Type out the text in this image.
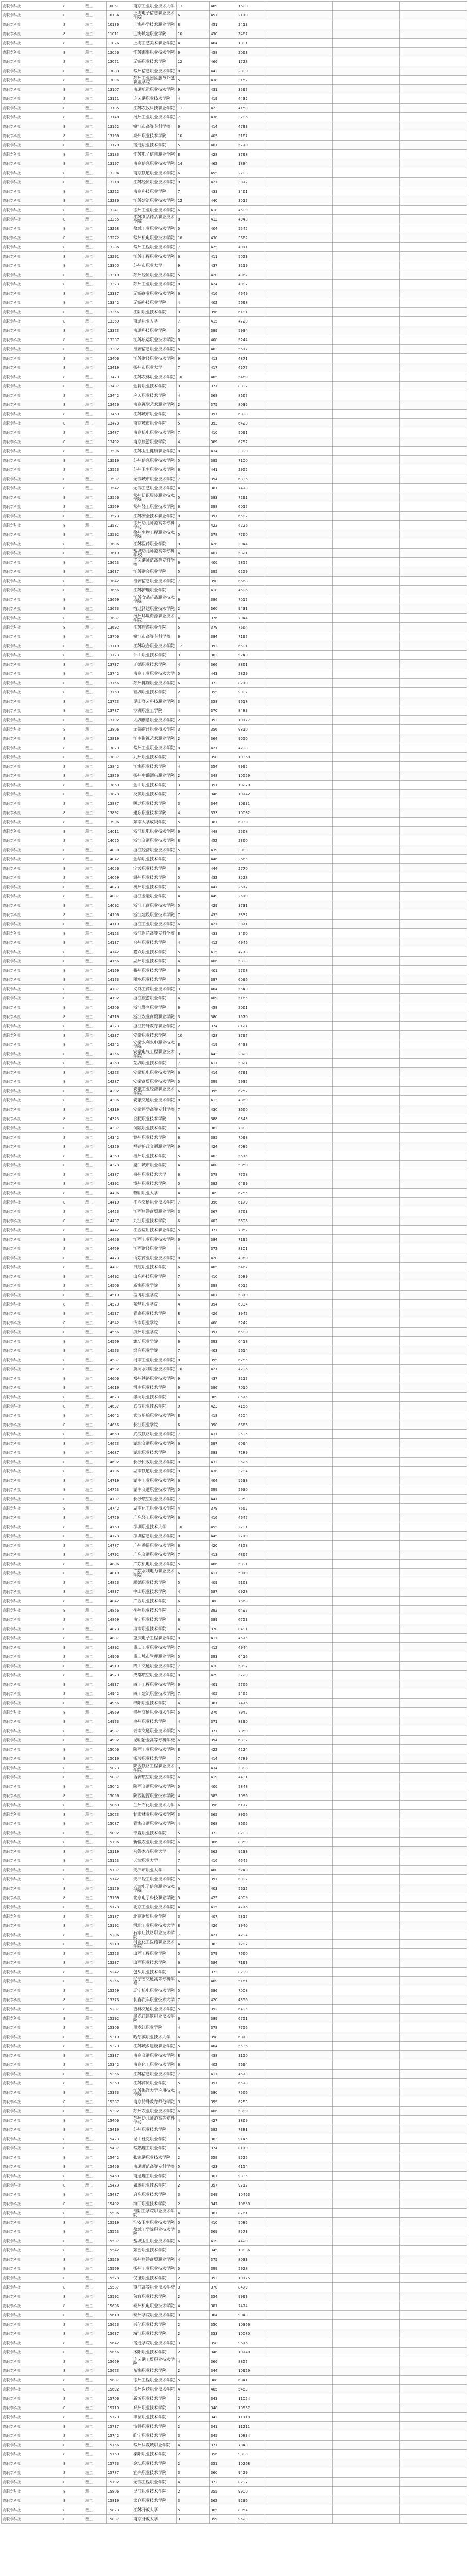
高职专科批	8	理工	10061	南京工业职业技术大学	13	469	1600			
高职专科批	8	理工	10134	上海电子信息职业技术学院	6	457	2110			
高职专科批	8	理工	10136	上海科学技术职业学院	8	451	2413			
高职专科批	8	理工	11011	上海城建职业学院	10	450	2467			
高职专科批	8	理工	11026	上海工艺美术职业学院	4	464	1801			
高职专科批	8	理工	13056	江苏海事职业技术学院	6	458	2063			
高职专科批	8	理工	13071	无锡职业技术学院	12	466	1728			
高职专科批	8	理工	13083	常州信息职业技术学院	8	442	2890			
高职专科批	8	理工	13096	苏州工业园区服务外包职业学院	5	438	3152			
高职专科批	8	理工	13107	南通航运职业技术学院	9	431	3597			
高职专科批	8	理工	13121	连云港职业技术学院	4	419	4435			
高职专科批	8	理工	13135	江苏农牧科技职业学院	11	423	4158			
高职专科批	8	理工	13148	扬州工业职业技术学院	7	436	3286			
高职专科批	8	理工	13152	镇江市高等专科学校	6	414	4793			
高职专科批	8	理工	13166	泰州职业技术学院	10	409	5167			
高职专科批	8	理工	13179	宿迁职业技术学院	5	401	5770			
高职专科批	8	理工	13183	江苏电子信息职业学院	8	428	3798			
高职专科批	8	理工	13197	南京信息职业技术学院	14	462	1884			
高职专科批	8	理工	13204	南京铁道职业技术学院	6	455	2203			
高职专科批	8	理工	13218	江苏经贸职业技术学院	9	427	3872			
高职专科批	8	理工	13222	南京科技职业学院	7	433	3461			
高职专科批	8	理工	13236	江苏建筑职业技术学院	12	440	3017			
高职专科批	8	理工	13241	徐州工业职业技术学院	6	418	4509			
高职专科批	8	理工	13255	江苏食品药品职业技术学院	8	412	4948			
高职专科批	8	理工	13268	盐城工业职业技术学院	5	404	5542			
高职专科批	8	理工	13272	常州机电职业技术学院	10	430	3662			
高职专科批	8	理工	13286	常州工程职业技术学院	7	425	4011			
高职专科批	8	理工	13291	江苏工程职业技术学院	6	411	5023			
高职专科批	8	理工	13305	苏州市职业大学	9	437	3219			
高职专科批	8	理工	13319	苏州经贸职业技术学院	5	420	4362			
高职专科批	8	理工	13323	苏州工业职业技术学院	8	424	4087			
高职专科批	8	理工	13337	无锡商业职业技术学院	6	416	4649			
高职专科批	8	理工	13342	无锡科技职业学院	4	402	5698			
高职专科批	8	理工	13356	江阴职业技术学院	3	396	6181			
高职专科批	8	理工	13369	南通职业大学	7	415	4720			
高职专科批	8	理工	13373	南通科技职业学院	5	399	5934			
高职专科批	8	理工	13387	江苏航运职业技术学院	8	408	5244			
高职专科批	8	理工	13392	淮安信息职业技术学院	6	403	5617			
高职专科批	8	理工	13406	江苏财经职业技术学院	9	413	4871			
高职专科批	8	理工	13419	扬州市职业大学	7	417	4577			
高职专科批	8	理工	13423	江苏农林职业技术学院	10	405	5469			
高职专科批	8	理工	13437	金肯职业技术学院	3	371	8392			
高职专科批	8	理工	13442	应天职业技术学院	4	368	8667			
高职专科批	8	理工	13456	南京视觉艺术职业学院	2	375	8035			
高职专科批	8	理工	13469	江苏城市职业学院	6	397	6098			
高职专科批	8	理工	13473	南京城市职业学院	5	393	6420			
高职专科批	8	理工	13487	南京机电职业技术学院	7	410	5091			
高职专科批	8	理工	13492	南京旅游职业学院	4	389	6757			
高职专科批	8	理工	13506	江苏卫生健康职业学院	8	434	3390			
高职专科批	8	理工	13519	苏州信息职业技术学院	5	385	7100			
高职专科批	8	理工	13523	苏州卫生职业技术学院	6	441	2955			
高职专科批	8	理工	13537	无锡城市职业技术学院	7	394	6336			
高职专科批	8	理工	13542	无锡工艺职业技术学院	4	381	7478			
高职专科批	8	理工	13556	常州纺织服装职业技术学院	5	383	7291			
高职专科批	8	理工	13569	常州轻工职业技术学院	6	398	6017			
高职专科批	8	理工	13573	江苏安全技术职业学院	8	391	6582			
高职专科批	8	理工	13587	徐州幼儿师范高等专科学校	3	422	4226			
高职专科批	8	理工	13592	徐州生物工程职业技术学院	5	378	7760			
高职专科批	8	理工	13606	江苏医药职业学院	9	426	3944			
高职专科批	8	理工	13619	盐城幼儿师范高等专科学校	4	407	5321			
高职专科批	8	理工	13623	连云港师范高等专科学校	6	400	5852			
高职专科批	8	理工	13637	江苏财会职业学院	5	395	6259			
高职专科批	8	理工	13642	淮安信息职业技术学院	7	390	6668			
高职专科批	8	理工	13656	江苏护理职业学院	8	418	4506			
高职专科批	8	理工	13669	江苏食品药品职业技术学院	6	386	7012			
高职专科批	8	理工	13673	宿迁泽达职业技术学院	2	360	9431			
高职专科批	8	理工	13687	扬州环境资源职业技术学院	4	376	7944			
高职专科批	8	理工	13692	江苏旅游职业学院	5	379	7664			
高职专科批	8	理工	13706	镇江市高等专科学校	6	384	7197			
高职专科批	8	理工	13719	江苏联合职业技术学院	12	392	6501			
高职专科批	8	理工	13723	钟山职业技术学院	3	362	9240			
高职专科批	8	理工	13737	正德职业技术学院	4	366	8861			
高职专科批	8	理工	13742	南京工业职业技术大学	5	443	2829			
高职专科批	8	理工	13756	苏州健雄职业技术学院	6	373	8210			
高职专科批	8	理工	13769	硅湖职业技术学院	2	355	9902			
高职专科批	8	理工	13773	昆山登云科技职业学院	3	358	9618			
高职专科批	8	理工	13787	沙洲职业工学院	4	370	8483			
高职专科批	8	理工	13792	太湖创意职业技术学院	2	352	10177			
高职专科批	8	理工	13806	无锡南洋职业技术学院	3	356	9810			
高职专科批	8	理工	13819	江南影视艺术职业学院	2	364	9050			
高职专科批	8	理工	13823	常州工业职业技术学院	8	421	4298			
高职专科批	8	理工	13837	九州职业技术学院	3	350	10368			
高职专科批	8	理工	13842	江海职业技术学院	4	354	9995			
高职专科批	8	理工	13856	扬州中瑞酒店职业学院	2	348	10559			
高职专科批	8	理工	13869	金山职业技术学院	3	351	10270			
高职专科批	8	理工	13873	炎黄职业技术学院	2	346	10742			
高职专科批	8	理工	13887	明达职业技术学院	3	344	10931			
高职专科批	8	理工	13892	建东职业技术学院	4	353	10082			
高职专科批	8	理工	13906	东南大学成贤学院	5	387	6930			
高职专科批	8	理工	14011	浙江机电职业技术学院	6	448	2568			
高职专科批	8	理工	14025	浙江交通职业技术学院	8	452	2360			
高职专科批	8	理工	14038	浙江经济职业技术学院	5	439	3083			
高职专科批	8	理工	14042	金华职业技术学院	7	446	2665			
高职专科批	8	理工	14056	宁波职业技术学院	6	444	2770			
高职专科批	8	理工	14069	温州职业技术学院	5	432	3528			
高职专科批	8	理工	14073	杭州职业技术学院	6	447	2617			
高职专科批	8	理工	14087	浙江金融职业学院	4	449	2519			
高职专科批	8	理工	14092	浙江工商职业技术学院	5	429	3731			
高职专科批	8	理工	14106	浙江建设职业技术学院	7	435	3332			
高职专科批	8	理工	14119	浙江工业职业技术学院	6	427	3871			
高职专科批	8	理工	14123	浙江医药高等专科学校	8	433	3460			
高职专科批	8	理工	14137	台州职业技术学院	4	412	4946			
高职专科批	8	理工	14142	嘉兴职业技术学院	5	415	4718			
高职专科批	8	理工	14156	湖州职业技术学院	4	406	5393			
高职专科批	8	理工	14169	衢州职业技术学院	6	401	5768			
高职专科批	8	理工	14173	丽水职业技术学院	5	397	6096			
高职专科批	8	理工	14187	义乌工商职业技术学院	3	404	5540			
高职专科批	8	理工	14192	浙江旅游职业学院	4	409	5165			
高职专科批	8	理工	14206	浙江警官职业学院	6	458	2061			
高职专科批	8	理工	14219	浙江农业商贸职业学院	3	380	7570			
高职专科批	8	理工	14223	浙江特殊教育职业学院	2	374	8121			
高职专科批	8	理工	14237	安徽职业技术学院	10	428	3797			
高职专科批	8	理工	14242	安徽水利水电职业技术学院	8	419	4433			
高职专科批	8	理工	14256	安徽电气工程职业技术学院	9	443	2828			
高职专科批	8	理工	14269	芜湖职业技术学院	7	411	5021			
高职专科批	8	理工	14273	安徽机电职业技术学院	6	414	4791			
高职专科批	8	理工	14287	安徽商贸职业技术学院	5	399	5932			
高职专科批	8	理工	14292	安徽工业经济职业技术学院	6	395	6257			
高职专科批	8	理工	14306	安徽交通职业技术学院	8	413	4869			
高职专科批	8	理工	14319	安徽医学高等专科学校	7	430	3660			
高职专科批	8	理工	14323	合肥职业技术学院	5	388	6843			
高职专科批	8	理工	14337	铜陵职业技术学院	4	382	7383			
高职专科批	8	理工	14342	滁州职业技术学院	6	385	7098			
高职专科批	8	理工	14356	福建船政交通职业学院	9	424	4085			
高职专科批	8	理工	14369	福州职业技术学院	5	403	5615			
高职专科批	8	理工	14373	厦门城市职业学院	4	400	5850			
高职专科批	8	理工	14387	泉州职业技术大学	6	378	7758			
高职专科批	8	理工	14392	漳州职业技术学院	5	392	6499			
高职专科批	8	理工	14406	黎明职业大学	4	389	6755			
高职专科批	8	理工	14419	江西交通职业技术学院	7	396	6179			
高职专科批	8	理工	14423	江西旅游商贸职业学院	3	367	8763			
高职专科批	8	理工	14437	九江职业技术学院	6	402	5696			
高职专科批	8	理工	14442	江西应用技术职业学院	5	377	7852			
高职专科批	8	理工	14456	江西工业职业技术学院	6	384	7195			
高职专科批	8	理工	14469	江西财经职业学院	4	372	8301			
高职专科批	8	理工	14473	山东商业职业技术学院	8	420	4360			
高职专科批	8	理工	14487	日照职业技术学院	6	405	5467			
高职专科批	8	理工	14492	山东科技职业学院	7	410	5089			
高职专科批	8	理工	14506	威海职业学院	5	398	6015			
高职专科批	8	理工	14519	淄博职业学院	6	407	5319			
高职专科批	8	理工	14523	东营职业学院	4	394	6334			
高职专科批	8	理工	14537	青岛职业技术学院	8	426	3942			
高职专科批	8	理工	14542	济南职业学院	6	408	5242			
高职专科批	8	理工	14556	滨州职业学院	5	391	6580			
高职专科批	8	理工	14569	潍坊职业学院	6	393	6418			
高职专科批	8	理工	14573	烟台职业学院	7	403	5614			
高职专科批	8	理工	14587	河南工业职业技术学院	8	395	6255			
高职专科批	8	理工	14592	黄河水利职业技术学院	10	421	4296			
高职专科批	8	理工	14606	郑州铁路职业技术学院	9	437	3217			
高职专科批	8	理工	14619	河南职业技术学院	6	386	7010			
高职专科批	8	理工	14623	漯河职业技术学院	4	369	8575			
高职专科批	8	理工	14637	武汉职业技术学院	9	423	4156			
高职专科批	8	理工	14642	武汉船舶职业技术学院	8	418	4504			
高职专科批	8	理工	14656	长江职业学院	6	390	6666			
高职专科批	8	理工	14669	武汉铁路职业技术学院	7	431	3595			
高职专科批	8	理工	14673	湖北交通职业技术学院	6	397	6094			
高职专科批	8	理工	14687	湖北职业技术学院	5	383	7289			
高职专科批	8	理工	14692	长沙民政职业技术学院	8	432	3526			
高职专科批	8	理工	14706	湖南铁道职业技术学院	9	436	3284			
高职专科批	8	理工	14719	湖南工业职业技术学院	6	404	5538			
高职专科批	8	理工	14723	湖南交通职业技术学院	5	399	5930			
高职专科批	8	理工	14737	长沙航空职业技术学院	7	441	2953			
高职专科批	8	理工	14742	湖南化工职业技术学院	4	379	7662			
高职专科批	8	理工	14756	广东轻工职业技术学院	6	416	4647			
高职专科批	8	理工	14769	深圳职业技术大学	10	455	2201			
高职专科批	8	理工	14773	深圳信息职业技术学院	8	445	2719			
高职专科批	8	理工	14787	广州番禺职业技术学院	6	420	4358			
高职专科批	8	理工	14792	广东交通职业技术学院	7	413	4867			
高职专科批	8	理工	14806	广东机电职业技术学院	5	406	5391			
高职专科批	8	理工	14819	广东水利电力职业技术学院	6	411	5019			
高职专科批	8	理工	14823	顺德职业技术学院	5	409	5163			
高职专科批	8	理工	14837	中山职业技术学院	4	387	6928			
高职专科批	8	理工	14842	广西职业技术学院	6	380	7568			
高职专科批	8	理工	14856	柳州职业技术学院	7	392	6497			
高职专科批	8	理工	14869	南宁职业技术学院	6	389	6753			
高职专科批	8	理工	14873	海南职业技术学院	4	370	8481			
高职专科批	8	理工	14887	重庆电子工程职业学院	8	417	4575			
高职专科批	8	理工	14892	重庆工业职业技术学院	7	412	4944			
高职专科批	8	理工	14906	重庆城市管理职业学院	5	393	6416			
高职专科批	8	理工	14919	四川交通职业技术学院	7	410	5087			
高职专科批	8	理工	14923	成都航空职业技术学院	8	429	3729			
高职专科批	8	理工	14937	四川工程职业技术学院	6	401	5766			
高职专科批	8	理工	14942	四川建筑职业技术学院	7	405	5465			
高职专科批	8	理工	14956	绵阳职业技术学院	4	381	7476			
高职专科批	8	理工	14969	贵州交通职业技术学院	5	376	7942			
高职专科批	8	理工	14973	贵州职业技术学院	4	371	8390			
高职专科批	8	理工	14987	云南交通职业技术学院	5	377	7850			
高职专科批	8	理工	14992	昆明冶金高等专科学校	6	394	6332			
高职专科批	8	理工	15006	陕西工业职业技术学院	8	422	4224			
高职专科批	8	理工	15019	杨凌职业技术学院	7	414	4789			
高职专科批	8	理工	15023	陕西铁路工程职业技术学院	9	434	3388			
高职专科批	8	理工	15037	西安航空职业技术学院	6	419	4431			
高职专科批	8	理工	15042	陕西交通职业技术学院	5	400	5848			
高职专科批	8	理工	15056	陕西能源职业技术学院	4	385	7096			
高职专科批	8	理工	15069	兰州石化职业技术大学	6	396	6177			
高职专科批	8	理工	15073	甘肃林业职业技术学院	3	365	8956			
高职专科批	8	理工	15087	青海交通职业技术学院	4	368	8665			
高职专科批	8	理工	15092	宁夏职业技术学院	5	373	8208			
高职专科批	8	理工	15106	新疆农业职业技术学院	6	366	8859			
高职专科批	8	理工	15119	乌鲁木齐职业大学	4	362	9238			
高职专科批	8	理工	15123	天津职业大学	7	416	4645			
高职专科批	8	理工	15137	天津市职业大学	6	408	5240			
高职专科批	8	理工	15142	天津轻工职业技术学院	5	397	6092			
高职专科批	8	理工	15156	天津电子信息职业技术学院	6	403	5612			
高职专科批	8	理工	15169	北京电子科技职业学院	5	425	4009			
高职专科批	8	理工	15173	北京工业职业技术学院	4	415	4716			
高职专科批	8	理工	15187	北京财贸职业学院	3	407	5317			
高职专科批	8	理工	15192	河北工业职业技术大学	8	426	3940			
高职专科批	8	理工	15206	石家庄铁路职业技术学院	7	421	4294			
高职专科批	8	理工	15219	河北化工医药职业技术学院	4	383	7287			
高职专科批	8	理工	15223	山西工程职业学院	5	379	7660			
高职专科批	8	理工	15237	山西职业技术学院	6	384	7193			
高职专科批	8	理工	15242	包头职业技术学院	4	372	8299			
高职专科批	8	理工	15256	辽宁省交通高等专科学校	6	409	5161			
高职专科批	8	理工	15269	辽宁机电职业技术学院	5	386	7008			
高职专科批	8	理工	15273	长春汽车职业技术大学	7	420	4356			
高职专科批	8	理工	15287	吉林交通职业技术学院	5	392	6495			
高职专科批	8	理工	15292	黑龙江建筑职业技术学院	6	389	6751			
高职专科批	8	理工	15306	黑龙江职业学院	4	378	7756			
高职专科批	8	理工	15319	哈尔滨职业技术大学	6	398	6013			
高职专科批	8	理工	15323	江苏城乡建设职业学院	5	404	5536			
高职专科批	8	理工	15337	南京交通职业技术学院	8	438	3150			
高职专科批	8	理工	15342	南京化工职业技术学院	6	402	5694			
高职专科批	8	理工	15356	江苏信息职业技术学院	7	417	4573			
高职专科批	8	理工	15369	江苏商贸职业学院	5	391	6578			
高职专科批	8	理工	15373	江苏海洋大学应用技术学院	4	380	7566			
高职专科批	8	理工	15387	南京特殊教育师范学院	3	395	6253			
高职专科批	8	理工	15392	苏州农业职业技术学院	6	406	5389			
高职专科批	8	理工	15406	苏州幼儿师范高等专科学校	4	427	3869			
高职专科批	8	理工	15419	苏州职业技术学院	5	382	7381			
高职专科批	8	理工	15423	昆山杜克职业学院	3	363	9145			
高职专科批	8	理工	15437	常熟理工职业学院	4	374	8119			
高职专科批	8	理工	15442	张家港职业技术学院	2	359	9525			
高职专科批	8	理工	15456	南通师范高等专科学校	5	423	4154			
高职专科批	8	理工	15469	南通理工职业学院	3	361	9335			
高职专科批	8	理工	15473	如皋职业技术学院	2	357	9712			
高职专科批	8	理工	15487	启东职业技术学院	3	349	10463			
高职专科批	8	理工	15492	海门职业技术学院	2	347	10650			
高职专科批	8	理工	15506	淮阴工学院职业技术学院	4	367	8761			
高职专科批	8	理工	15519	淮安卫生职业技术学院	5	410	5085			
高职专科批	8	理工	15523	盐城工学院职业技术学院	3	369	8573			
高职专科批	8	理工	15537	盐城卫生职业技术学院	6	419	4429			
高职专科批	8	理工	15542	东台职业技术学院	2	345	10836			
高职专科批	8	理工	15556	扬州旅游商贸职业学院	4	375	8033			
高职专科批	8	理工	15569	扬州工业职业技术学院	5	399	5928			
高职专科批	8	理工	15573	仪征职业技术学院	2	352	10175			
高职专科批	8	理工	15587	镇江高等职业技术学校	3	370	8479			
高职专科批	8	理工	15592	句容职业技术学院	2	354	9993			
高职专科批	8	理工	15606	泰州机电职业技术学院	4	381	7474			
高职专科批	8	理工	15619	泰州学院职业技术学院	3	364	9048			
高职专科批	8	理工	15623	兴化职业技术学院	2	350	10366			
高职专科批	8	理工	15637	靖江职业技术学院	2	353	10080			
高职专科批	8	理工	15642	宿迁学院职业技术学院	3	358	9616			
高职专科批	8	理工	15656	沭阳职业技术学院	2	346	10740			
高职专科批	8	理工	15669	连云港工贸职业技术学院	4	366	8857			
高职专科批	8	理工	15673	东海职业技术学院	2	344	10929			
高职专科批	8	理工	15687	徐州工程职业技术学院	5	388	6841			
高职专科批	8	理工	15692	徐州医药职业技术学院	4	405	5463			
高职专科批	8	理工	15706	新沂职业技术学院	2	343	11024			
高职专科批	8	理工	15719	邳州职业技术学院	3	348	10557			
高职专科批	8	理工	15723	丰县职业技术学院	2	342	11118			
高职专科批	8	理工	15737	沛县职业技术学院	2	341	11211			
高职专科批	8	理工	15742	睢宁职业技术学院	3	345	10834			
高职专科批	8	理工	15756	常州科教城职业学院	4	377	7848			
高职专科批	8	理工	15769	溧阳职业技术学院	2	356	9808			
高职专科批	8	理工	15773	金坛职业技术学院	2	351	10268			
高职专科批	8	理工	15787	宜兴职业技术学院	3	360	9429			
高职专科批	8	理工	15792	无锡工程职业学院	4	372	8297			
高职专科批	8	理工	15806	吴江职业技术学院	2	355	9900			
高职专科批	8	理工	15819	太仓职业技术学院	3	362	9236			
高职专科批	8	理工	15823	江苏开放大学	5	365	8954			
高职专科批	8	理工	15837	南京开放大学	3	359	9523			
